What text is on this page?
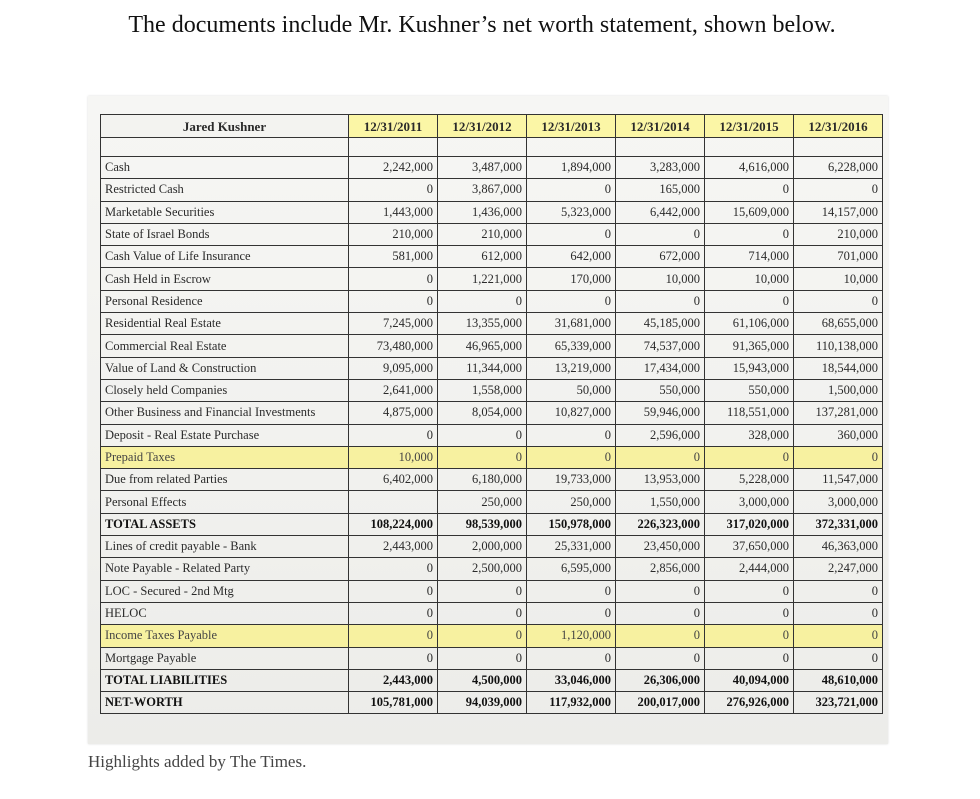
The documents include Mr. Kushner’s net worth statement, shown below.
Jared Kushner	12/31/2011	12/31/2012	12/31/2013	12/31/2014	12/31/2015	12/31/2016

Cash	2,242,000	3,487,000	1,894,000	3,283,000	4,616,000	6,228,000
Restricted Cash	0	3,867,000	0	165,000	0	0
Marketable Securities	1,443,000	1,436,000	5,323,000	6,442,000	15,609,000	14,157,000
State of Israel Bonds	210,000	210,000	0	0	0	210,000
Cash Value of Life Insurance	581,000	612,000	642,000	672,000	714,000	701,000
Cash Held in Escrow	0	1,221,000	170,000	10,000	10,000	10,000
Personal Residence	0	0	0	0	0	0
Residential Real Estate	7,245,000	13,355,000	31,681,000	45,185,000	61,106,000	68,655,000
Commercial Real Estate	73,480,000	46,965,000	65,339,000	74,537,000	91,365,000	110,138,000
Value of Land & Construction	9,095,000	11,344,000	13,219,000	17,434,000	15,943,000	18,544,000
Closely held Companies	2,641,000	1,558,000	50,000	550,000	550,000	1,500,000
Other Business and Financial Investments	4,875,000	8,054,000	10,827,000	59,946,000	118,551,000	137,281,000
Deposit - Real Estate Purchase	0	0	0	2,596,000	328,000	360,000
Prepaid Taxes	10,000	0	0	0	0	0
Due from related Parties	6,402,000	6,180,000	19,733,000	13,953,000	5,228,000	11,547,000
Personal Effects		250,000	250,000	1,550,000	3,000,000	3,000,000
TOTAL ASSETS	108,224,000	98,539,000	150,978,000	226,323,000	317,020,000	372,331,000
Lines of credit payable - Bank	2,443,000	2,000,000	25,331,000	23,450,000	37,650,000	46,363,000
Note Payable - Related Party	0	2,500,000	6,595,000	2,856,000	2,444,000	2,247,000
LOC - Secured - 2nd Mtg	0	0	0	0	0	0
HELOC	0	0	0	0	0	0
Income Taxes Payable	0	0	1,120,000	0	0	0
Mortgage Payable	0	0	0	0	0	0
TOTAL LIABILITIES	2,443,000	4,500,000	33,046,000	26,306,000	40,094,000	48,610,000
NET-WORTH	105,781,000	94,039,000	117,932,000	200,017,000	276,926,000	323,721,000
Highlights added by The Times.
